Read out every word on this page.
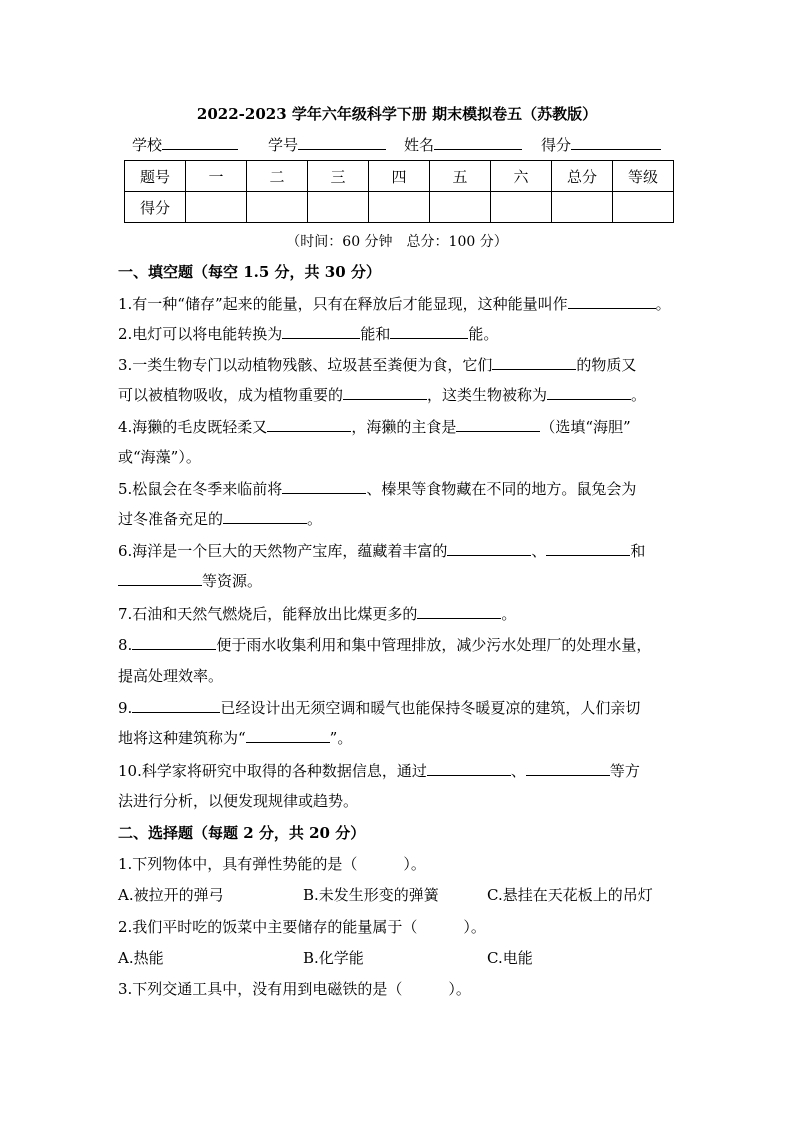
2022-2023 学年六年级科学下册 期末模拟卷五（苏教版）
学校	学号	姓名	得分
题号	一	二	三	四	五	六	总分	等级
得分								
（时间：60 分钟　总分：100 分）
一、填空题（每空 1.5 分，共 30 分）
1.有一种“储存”起来的能量，只有在释放后才能显现，这种能量叫作	。
2.电灯可以将电能转换为	能和	能。
3.一类生物专门以动植物残骸、垃圾甚至粪便为食，它们	的物质又
可以被植物吸收，成为植物重要的	，这类生物被称为	。
4.海獭的毛皮既轻柔又	，海獭的主食是	（选填“海胆”
或“海藻”）。
5.松鼠会在冬季来临前将	、榛果等食物藏在不同的地方。鼠兔会为
过冬准备充足的	。
6.海洋是一个巨大的天然物产宝库，蕴藏着丰富的	、	和
等资源。
7.石油和天然气燃烧后，能释放出比煤更多的	。
8.	便于雨水收集利用和集中管理排放，减少污水处理厂的处理水量，
提高处理效率。
9.	已经设计出无须空调和暖气也能保持冬暖夏凉的建筑，人们亲切
地将这种建筑称为“	”。
10.科学家将研究中取得的各种数据信息，通过	、	等方
法进行分析，以便发现规律或趋势。
二、选择题（每题 2 分，共 20 分）
1.下列物体中，具有弹性势能的是（	）。
A.被拉开的弹弓	B.未发生形变的弹簧	C.悬挂在天花板上的吊灯
2.我们平时吃的饭菜中主要储存的能量属于（	）。
A.热能	B.化学能	C.电能
3.下列交通工具中，没有用到电磁铁的是（	）。
